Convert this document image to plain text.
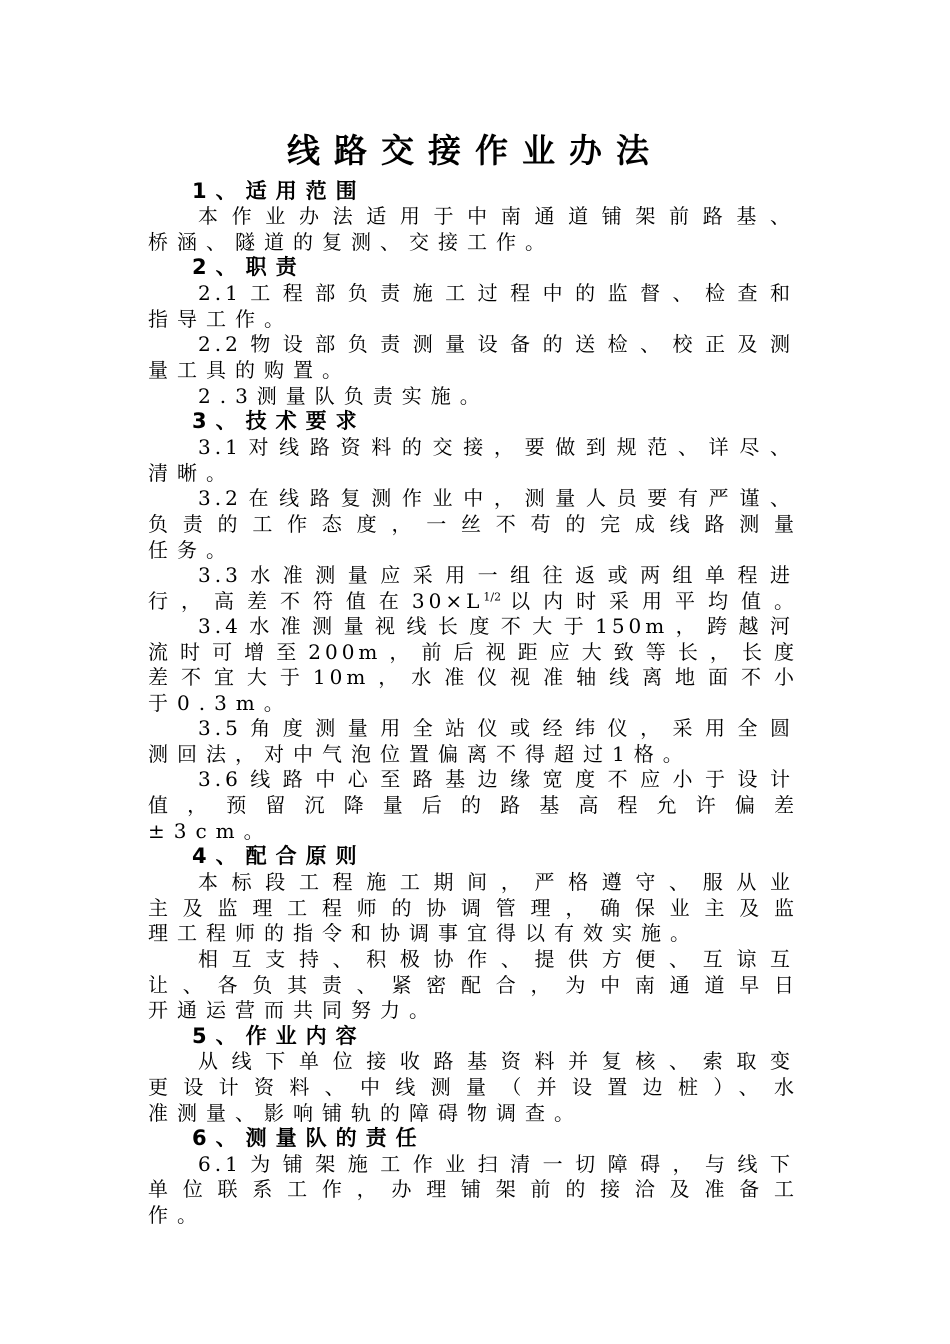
线路交接作业办法
1、适用范围
本作业办法适用于中南通道铺架前路基、
桥涵、隧道的复测、交接工作。
2、职责
2.1工程部负责施工过程中的监督、检查和
指导工作。
2.2物设部负责测量设备的送检、校正及测
量工具的购置。
2.3测量队负责实施。
3、技术要求
3.1对线路资料的交接，要做到规范、详尽、
清晰。
3.2在线路复测作业中，测量人员要有严谨、
负责的工作态度，一丝不苟的完成线路测量
任务。
3.3水准测量应采用一组往返或两组单程进
行，高差不符值在$30\times L^{1/2}$以内时采用平均值。
3.4水准测量视线长度不大于150m，跨越河
流时可增至200m，前后视距应大致等长，长度
差不宜大于10m，水准仪视准轴线离地面不小
于0.3m。
3.5角度测量用全站仪或经纬仪，采用全圆
测回法，对中气泡位置偏离不得超过1格。
3.6线路中心至路基边缘宽度不应小于设计
值，预留沉降量后的路基高程允许偏差
±3cm。
4、配合原则
本标段工程施工期间，严格遵守、服从业
主及监理工程师的协调管理，确保业主及监
理工程师的指令和协调事宜得以有效实施。
相互支持、积极协作、提供方便、互谅互
让、各负其责、紧密配合，为中南通道早日
开通运营而共同努力。
5、作业内容
从线下单位接收路基资料并复核、索取变
更设计资料、中线测量（并设置边桩）、水
准测量、影响铺轨的障碍物调查。
6、测量队的责任
6.1为铺架施工作业扫清一切障碍，与线下
单位联系工作，办理铺架前的接洽及准备工
作。
